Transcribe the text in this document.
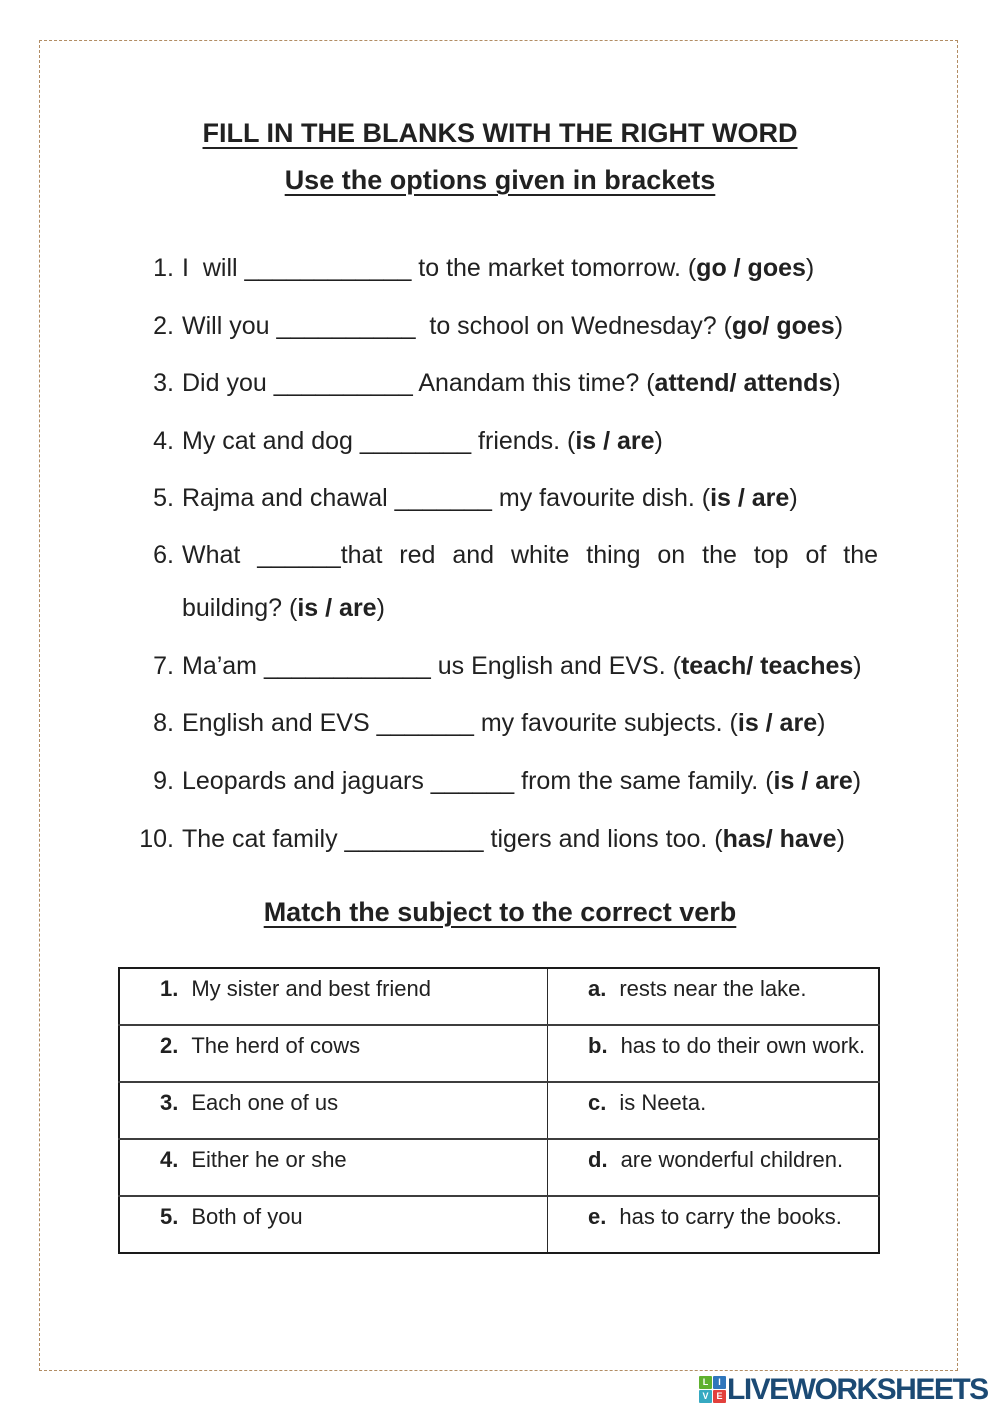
FILL IN THE BLANKS WITH THE RIGHT WORD
Use the options given in brackets
1. I  will ____________ to the market tomorrow. (go / goes)
2. Will you __________  to school on Wednesday? (go/ goes)
3. Did you __________ Anandam this time? (attend/ attends)
4. My cat and dog ________ friends. (is / are)
5. Rajma and chawal _______ my favourite dish. (is / are)
6. What ______that red and white thing on the top of the
building? (is / are)
7. Ma’am ____________ us English and EVS. (teach/ teaches)
8. English and EVS _______ my favourite subjects. (is / are)
9. Leopards and jaguars ______ from the same family. (is / are)
10. The cat family __________ tigers and lions too. (has/ have)
Match the subject to the correct verb
1. My sister and best friend	a. rests near the lake.
2. The herd of cows	b. has to do their own work.
3. Each one of us	c. is Neeta.
4. Either he or she	d. are wonderful children.
5. Both of you	e. has to carry the books.
L	I
V E LIVEWORKSHEETS
